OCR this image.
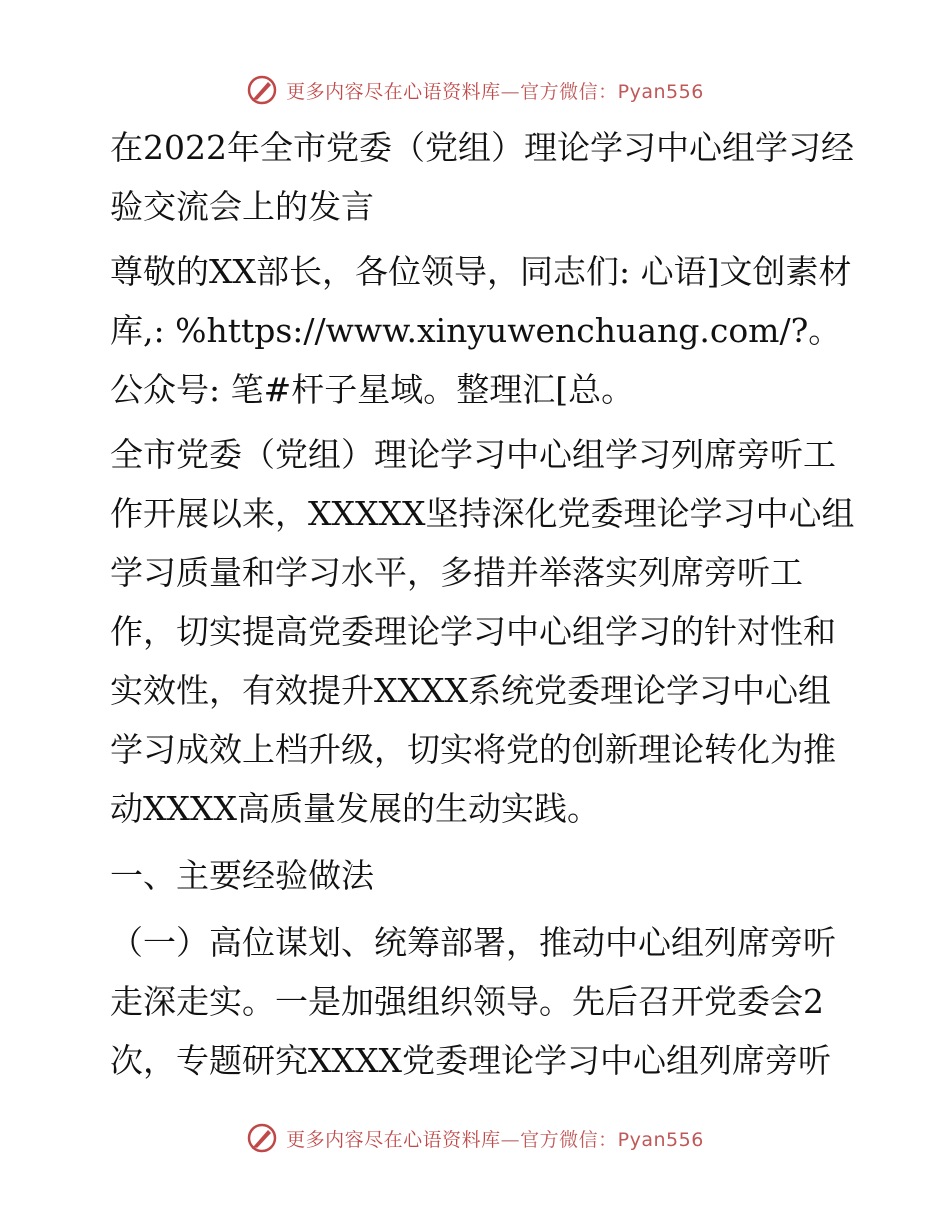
更多内容尽在心语资料库—官方微信：Pyan556

在2022年全市党委（党组）理论学习中心组学习经验交流会上的发言

尊敬的XX部长，各位领导，同志们: 心语]文创素材库,: %https://www.xinyuwenchuang.com/?。公众号: 笔#杆子星域。整理汇[总。

全市党委（党组）理论学习中心组学习列席旁听工作开展以来，XXXXX坚持深化党委理论学习中心组学习质量和学习水平，多措并举落实列席旁听工作，切实提高党委理论学习中心组学习的针对性和实效性，有效提升XXXX系统党委理论学习中心组学习成效上档升级，切实将党的创新理论转化为推动XXXX高质量发展的生动实践。

一、主要经验做法

（一）高位谋划、统筹部署，推动中心组列席旁听走深走实。一是加强组织领导。先后召开党委会2次，专题研究XXXX党委理论学习中心组列席旁听

更多内容尽在心语资料库—官方微信：Pyan556
